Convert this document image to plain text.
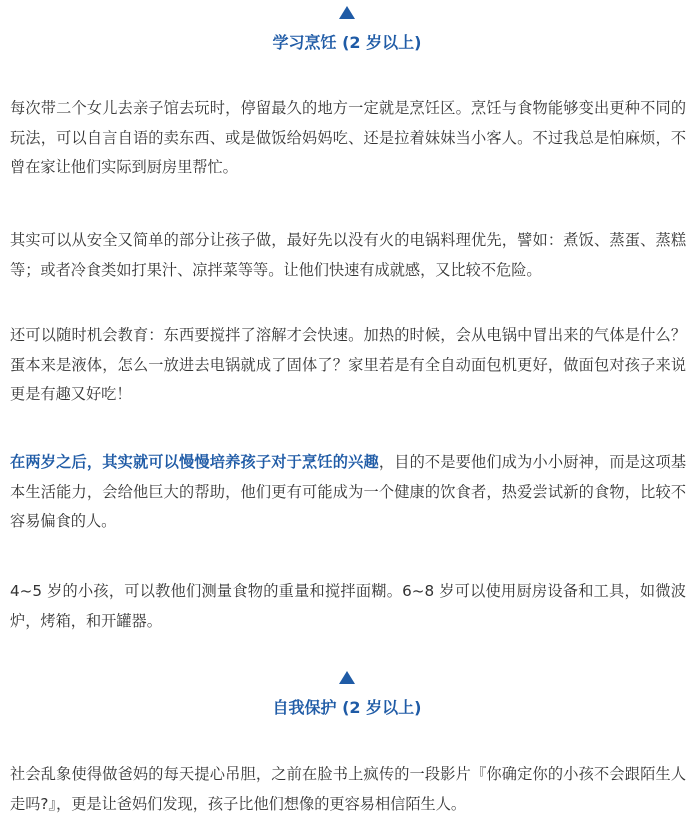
学习烹饪 (2 岁以上)

每次带二个女儿去亲子馆去玩时，停留最久的地方一定就是烹饪区。烹饪与食物能够变出更种不同的玩法，可以自言自语的卖东西、或是做饭给妈妈吃、还是拉着妹妹当小客人。不过我总是怕麻烦，不曾在家让他们实际到厨房里帮忙。

其实可以从安全又简单的部分让孩子做，最好先以没有火的电锅料理优先，譬如：煮饭、蒸蛋、蒸糕等；或者冷食类如打果汁、凉拌菜等等。让他们快速有成就感，又比较不危险。

还可以随时机会教育：东西要搅拌了溶解才会快速。加热的时候，会从电锅中冒出来的气体是什么？蛋本来是液体，怎么一放进去电锅就成了固体了？家里若是有全自动面包机更好，做面包对孩子来说更是有趣又好吃！

在两岁之后，其实就可以慢慢培养孩子对于烹饪的兴趣，目的不是要他们成为小小厨神，而是这项基本生活能力，会给他巨大的帮助，他们更有可能成为一个健康的饮食者，热爱尝试新的食物，比较不容易偏食的人。

4~5 岁的小孩，可以教他们测量食物的重量和搅拌面糊。6~8 岁可以使用厨房设备和工具，如微波炉，烤箱，和开罐器。

自我保护 (2 岁以上)

社会乱象使得做爸妈的每天提心吊胆，之前在脸书上疯传的一段影片『你确定你的小孩不会跟陌生人走吗?』，更是让爸妈们发现，孩子比他们想像的更容易相信陌生人。
